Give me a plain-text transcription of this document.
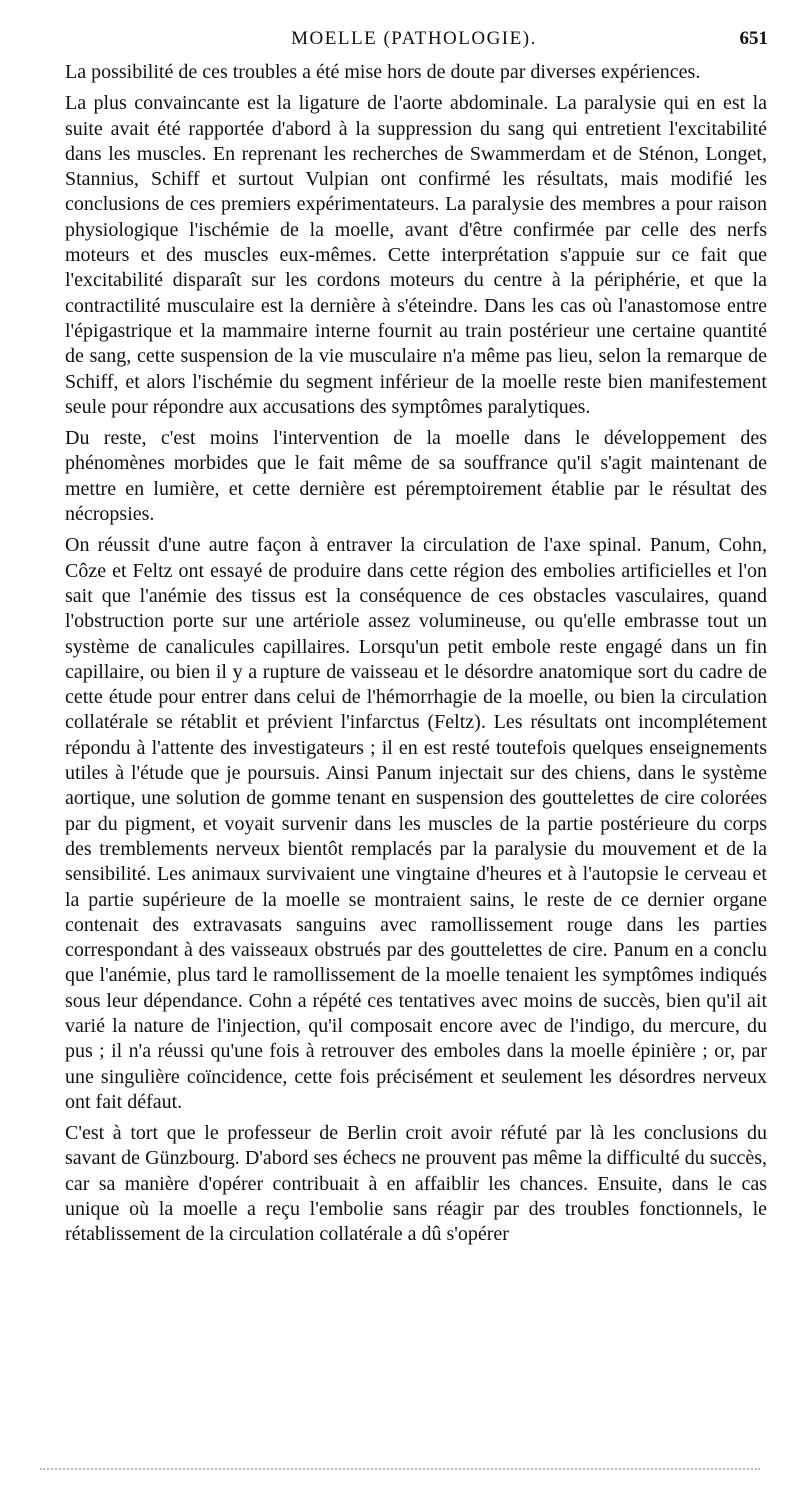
MOELLE (PATHOLOGIE).	651

La possibilité de ces troubles a été mise hors de doute par diverses expériences.

La plus convaincante est la ligature de l'aorte abdominale. La paralysie qui en est la suite avait été rapportée d'abord à la suppression du sang qui entretient l'excitabilité dans les muscles. En reprenant les recherches de Swammerdam et de Sténon, Longet, Stannius, Schiff et surtout Vulpian ont confirmé les résultats, mais modifié les conclusions de ces premiers expérimentateurs. La paralysie des membres a pour raison physiologique l'ischémie de la moelle, avant d'être confirmée par celle des nerfs moteurs et des muscles eux-mêmes. Cette interprétation s'appuie sur ce fait que l'excitabilité disparaît sur les cordons moteurs du centre à la périphérie, et que la contractilité musculaire est la dernière à s'éteindre. Dans les cas où l'anastomose entre l'épigastrique et la mammaire interne fournit au train postérieur une certaine quantité de sang, cette suspension de la vie musculaire n'a même pas lieu, selon la remarque de Schiff, et alors l'ischémie du segment inférieur de la moelle reste bien manifestement seule pour répondre aux accusations des symptômes paralytiques.

Du reste, c'est moins l'intervention de la moelle dans le développement des phénomènes morbides que le fait même de sa souffrance qu'il s'agit maintenant de mettre en lumière, et cette dernière est péremptoirement établie par le résultat des nécropsies.

On réussit d'une autre façon à entraver la circulation de l'axe spinal. Panum, Cohn, Côze et Feltz ont essayé de produire dans cette région des embolies artificielles et l'on sait que l'anémie des tissus est la conséquence de ces obstacles vasculaires, quand l'obstruction porte sur une artériole assez volumineuse, ou qu'elle embrasse tout un système de canalicules capillaires. Lorsqu'un petit embole reste engagé dans un fin capillaire, ou bien il y a rupture de vaisseau et le désordre anatomique sort du cadre de cette étude pour entrer dans celui de l'hémorrhagie de la moelle, ou bien la circulation collatérale se rétablit et prévient l'infarctus (Feltz). Les résultats ont incomplétement répondu à l'attente des investigateurs ; il en est resté toutefois quelques enseignements utiles à l'étude que je poursuis. Ainsi Panum injectait sur des chiens, dans le système aortique, une solution de gomme tenant en suspension des gouttelettes de cire colorées par du pigment, et voyait survenir dans les muscles de la partie postérieure du corps des tremblements nerveux bientôt remplacés par la paralysie du mouvement et de la sensibilité. Les animaux survivaient une vingtaine d'heures et à l'autopsie le cerveau et la partie supérieure de la moelle se montraient sains, le reste de ce dernier organe contenait des extravasats sanguins avec ramollissement rouge dans les parties correspondant à des vaisseaux obstrués par des gouttelettes de cire. Panum en a conclu que l'anémie, plus tard le ramollissement de la moelle tenaient les symptômes indiqués sous leur dépendance. Cohn a répété ces tentatives avec moins de succès, bien qu'il ait varié la nature de l'injection, qu'il composait encore avec de l'indigo, du mercure, du pus ; il n'a réussi qu'une fois à retrouver des emboles dans la moelle épinière ; or, par une singulière coïncidence, cette fois précisément et seulement les désordres nerveux ont fait défaut.

C'est à tort que le professeur de Berlin croit avoir réfuté par là les conclusions du savant de Günzbourg. D'abord ses échecs ne prouvent pas même la difficulté du succès, car sa manière d'opérer contribuait à en affaiblir les chances. Ensuite, dans le cas unique où la moelle a reçu l'embolie sans réagir par des troubles fonctionnels, le rétablissement de la circulation collatérale a dû s'opérer
